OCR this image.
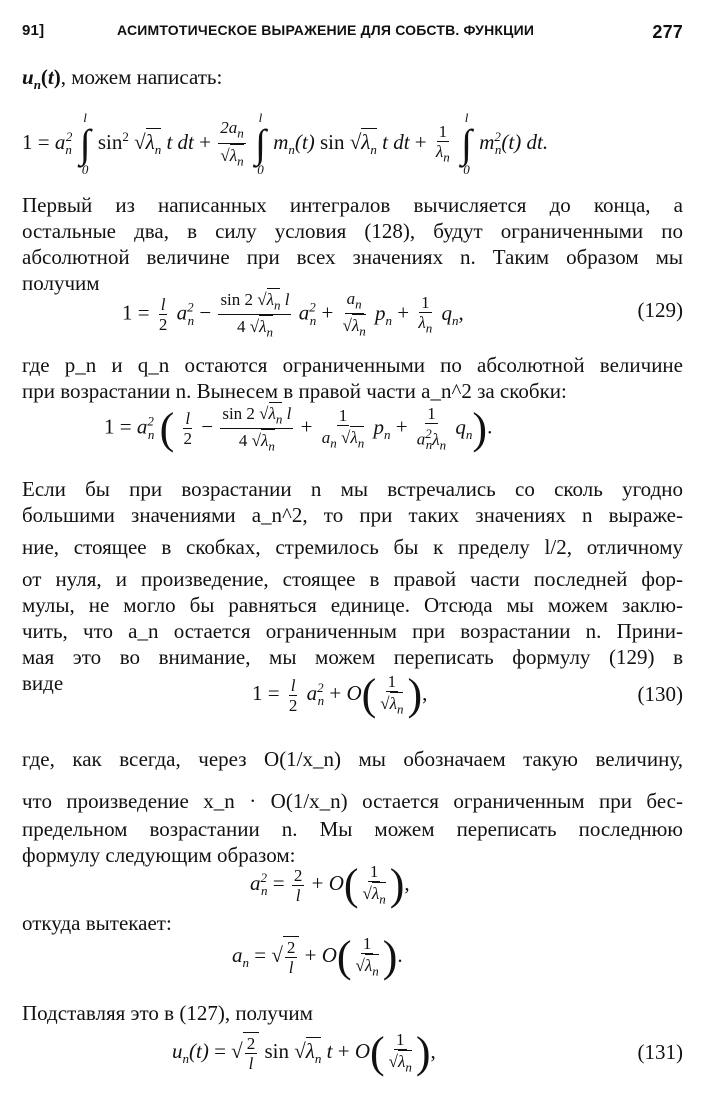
91]	АСИМТОТИЧЕСКОЕ ВЫРАЖЕНИЕ ДЛЯ СОБСТВ. ФУНКЦИИ	277
$u_n(t)$, можем написать:
$1 = a_n^2$
l
∫
0
$\sin^2 √\lambda_n$ t dt + $\frac{2a_n}{√\lambda_n}$

l
∫
0
$m_n(t)$ $\sin √\lambda_n$ t dt + $\frac{1}{\lambda_n}$

l
∫
0
$m^2_n(t)$ dt.
Первый из написанных интегралов вычисляется до конца, а
остальные два, в силу условия (128), будут ограниченными по
абсолютной величине при всех значениях n. Таким образом мы
получим
$1 = \frac{l}{2} a^2_n - \frac{\sin 2 √\lambda_n l}{4 √\lambda_n} a^2_n + \frac{a_n}{√\lambda_n} p_n + \frac{1}{\lambda_n} q_n$,	(129)
где p_n и q_n остаются ограниченными по абсолютной величине
при возрастании n. Вынесем в правой части a_n^2 за скобки:
$1 = a^2_n$ ( $\frac{l}{2} - \frac{\sin 2 √\lambda_n l}{4 √\lambda_n} + \frac{1}{a_n √\lambda_n} p_n + \frac{1}{a^2_n\lambda_n} q_n$).
Если бы при возрастании n мы встречались со сколь угодно
большими значениями a_n^2, то при таких значениях n выраже-
ние, стоящее в скобках, стремилось бы к пределу l/2, отличному
от нуля, и произведение, стоящее в правой части последней фор-
мулы, не могло бы равняться единице. Отсюда мы можем заклю-
чить, что a_n остается ограниченным при возрастании n. Прини-
мая это во внимание, мы можем переписать формулу (129) в
виде	$1 = \frac{l}{2} a^2_n + O( \frac{1}{√\lambda_n}$ ),	(130)
где, как всегда, через O(1/x_n) мы обозначаем такую величину,
что произведение x_n · O(1/x_n) остается ограниченным при бес-
предельном возрастании n. Мы можем переписать последнюю
формулу следующим образом:
$a^2_n = \frac{2}{l} + O( \frac{1}{√\lambda_n}$ ),
откуда вытекает:
$a_n$ = √ $\frac{2}{l} + O( \frac{1}{√\lambda_n}$ ).
Подставляя это в (127), получим
$u_n(t)$ = √ $\frac{2}{l}$ $\sin √\lambda_n$ $t + O( \frac{1}{√\lambda_n}$ ),	(131)
